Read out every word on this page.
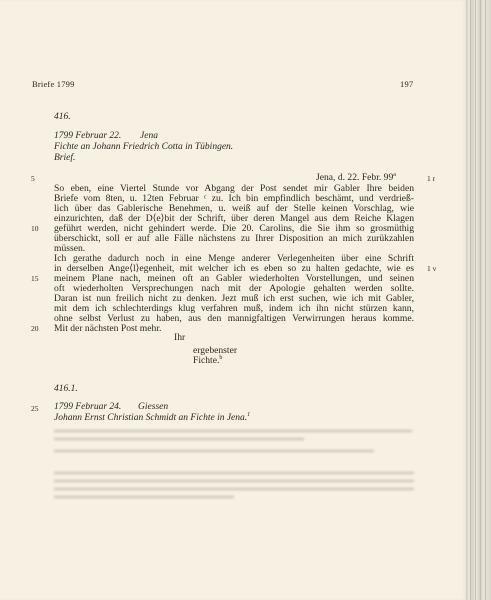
Briefe 1799	197
416.
1799 Februar 22. Jena
Fichte an Johann Friedrich Cotta in Tübingen.
Brief.
Jena, d. 22. Febr. 99$^a$
5
10
15
20
1 r
1 v
So eben, eine Viertel Stunde vor Abgang der Post sendet mir Gabler Ihre beiden
Briefe vom 8ten, u. 12ten Februar ᶜ zu. Ich bin empfindlich beschämt, und verdrieß-
lich über das Gablerische Benehmen, u. weiß auf der Stelle keinen Vorschlag, wie
einzurichten, daß der D⟨e⟩bit der Schrift, über deren Mangel aus dem Reiche Klagen
geführt werden, nicht gehindert werde. Die 20. Carolins, die Sie ihm so grosmüthig
überschickt, soll er auf alle Fälle nächstens zu Ihrer Disposition an mich zurükzahlen
müssen.
Ich gerathe dadurch noch in eine Menge anderer Verlegenheiten über eine Schrift
in derselben Ange⟨l⟩egenheit, mit welcher ich es eben so zu halten gedachte, wie es
meinem Plane nach, meinen oft an Gabler wiederholten Vorstellungen, und seinen
oft wiederholten Versprechungen nach mit der Apologie gehalten werden sollte.
Daran ist nun freilich nicht zu denken. Jezt muß ich erst suchen, wie ich mit Gabler,
mit dem ich schlechterdings klug verfahren muß, indem ich ihn nicht stürzen kann,
ohne selbst Verlust zu haben, aus den mannigfaltigen Verwirrungen heraus komme.
Mit der nächsten Post mehr.
Ihr
ergebenster
Fichte.$^b$
416.1.
25 1799 Februar 24. Giessen
Johann Ernst Christian Schmidt an Fichte in Jena.$^1$
